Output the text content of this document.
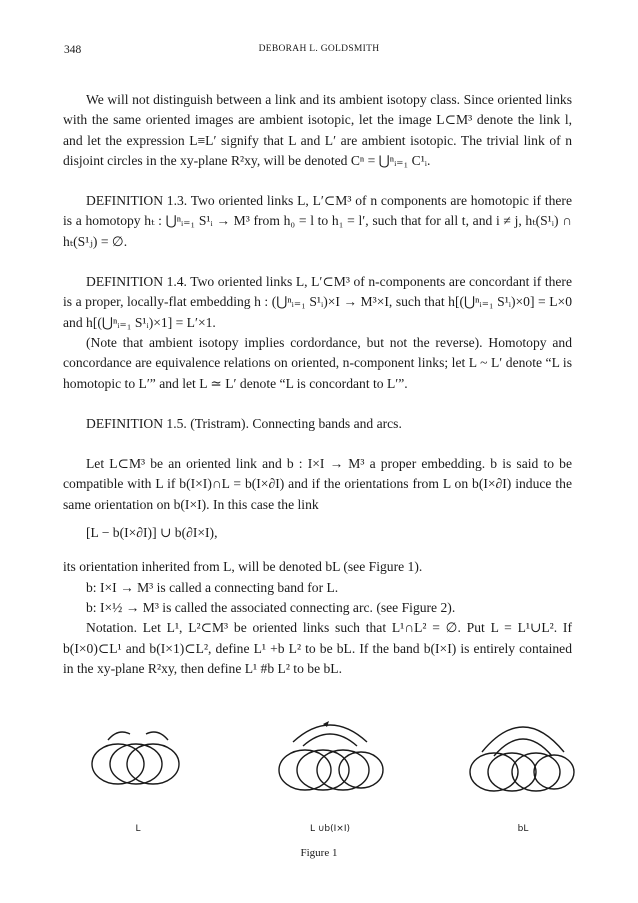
348	DEBORAH L. GOLDSMITH

We will not distinguish between a link and its ambient isotopy class. Since oriented links with the same oriented images are ambient isotopic, let the image L⊂M³ denote the link l, and let the expression L≡L′ signify that L and L′ are ambient isotopic. The trivial link of n disjoint circles in the xy-plane R²xy, will be denoted Cⁿ = ⋃ⁿᵢ₌₁ C¹ᵢ.

DEFINITION 1.3. Two oriented links L, L′⊂M³ of n components are homotopic if there is a homotopy hₜ : ⋃ⁿᵢ₌₁ S¹ᵢ → M³ from h₀ = l to h₁ = l′, such that for all t, and i ≠ j, hₜ(S¹ᵢ) ∩ hₜ(S¹ⱼ) = ∅.

DEFINITION 1.4. Two oriented links L, L′⊂M³ of n-components are concordant if there is a proper, locally-flat embedding h : (⋃ⁿᵢ₌₁ S¹ᵢ)×I → M³×I, such that h[(⋃ⁿᵢ₌₁ S¹ᵢ)×0] = L×0 and h[(⋃ⁿᵢ₌₁ S¹ᵢ)×1] = L′×1.

(Note that ambient isotopy implies cordordance, but not the reverse). Homotopy and concordance are equivalence relations on oriented, n-component links; let L ~ L′ denote “L is homotopic to L′” and let L ≃ L′ denote “L is concordant to L′”.

DEFINITION 1.5. (Tristram). Connecting bands and arcs.

Let L⊂M³ be an oriented link and b : I×I → M³ a proper embedding. b is said to be compatible with L if b(I×I)∩L = b(I×∂I) and if the orientations from L on b(I×∂I) induce the same orientation on b(I×I). In this case the link

[L − b(I×∂I)] ∪ b(∂I×I),

its orientation inherited from L, will be denoted bL (see Figure 1).

b: I×I → M³ is called a connecting band for L.

b: I×½ → M³ is called the associated connecting arc. (see Figure 2).

Notation. Let L¹, L²⊂M³ be oriented links such that L¹∩L² = ∅. Put L = L¹∪L². If b(I×0)⊂L¹ and b(I×1)⊂L², define L¹ +b L² to be bL. If the band b(I×I) is entirely contained in the xy-plane R²xy, then define L¹ #b L² to be bL.

L	L ∪b(I×I)	bL
Figure 1
